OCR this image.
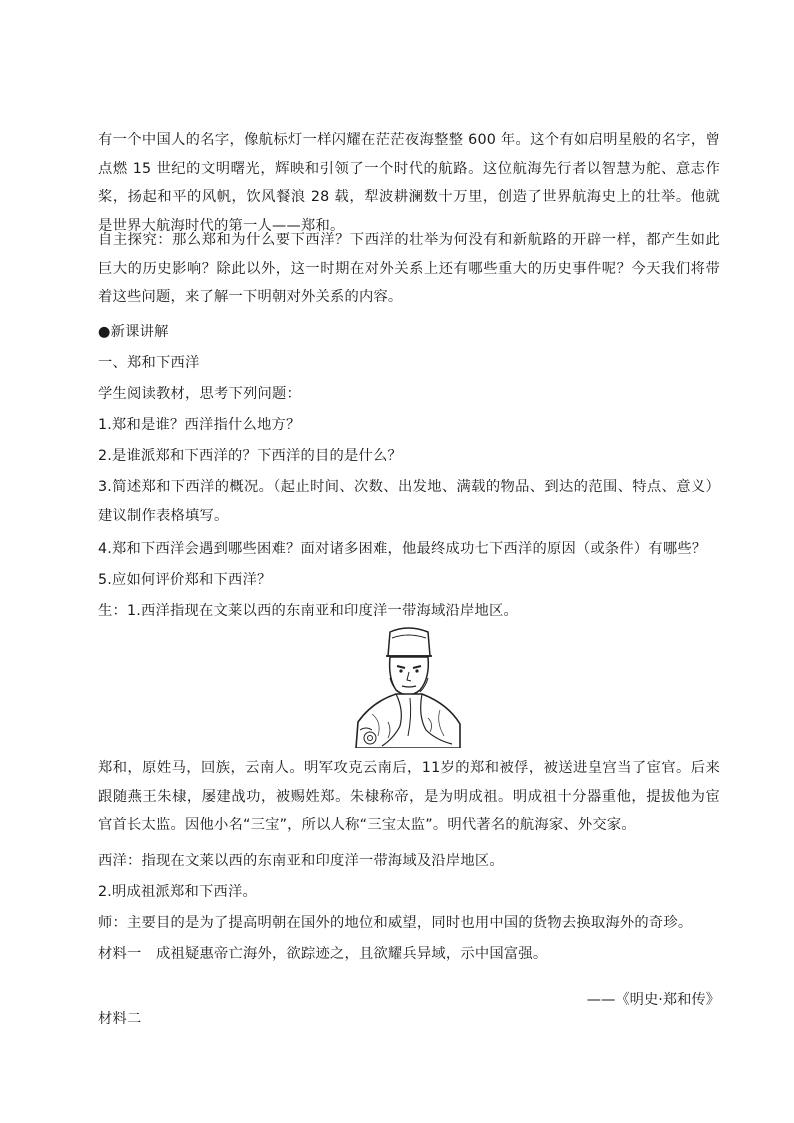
有一个中国人的名字，像航标灯一样闪耀在茫茫夜海整整 600 年。这个有如启明星般的名字，曾点燃 15 世纪的文明曙光，辉映和引领了一个时代的航路。这位航海先行者以智慧为舵、意志作桨，扬起和平的风帆，饮风餐浪 28 载，犁波耕澜数十万里，创造了世界航海史上的壮举。他就是世界大航海时代的第一人——郑和。

自主探究：那么郑和为什么要下西洋？下西洋的壮举为何没有和新航路的开辟一样，都产生如此巨大的历史影响？除此以外，这一时期在对外关系上还有哪些重大的历史事件呢？今天我们将带着这些问题，来了解一下明朝对外关系的内容。

●新课讲解

一、郑和下西洋

学生阅读教材，思考下列问题：

1.郑和是谁？西洋指什么地方？

2.是谁派郑和下西洋的？下西洋的目的是什么？

3.简述郑和下西洋的概况。（起止时间、次数、出发地、满载的物品、到达的范围、特点、意义）建议制作表格填写。

4.郑和下西洋会遇到哪些困难？面对诸多困难，他最终成功七下西洋的原因（或条件）有哪些？

5.应如何评价郑和下西洋？

生：1.西洋指现在文莱以西的东南亚和印度洋一带海域沿岸地区。

郑和，原姓马，回族，云南人。明军攻克云南后，11岁的郑和被俘，被送进皇宫当了宦官。后来跟随燕王朱棣，屡建战功，被赐姓郑。朱棣称帝，是为明成祖。明成祖十分器重他，提拔他为宦官首长太监。因他小名“三宝”，所以人称“三宝太监”。明代著名的航海家、外交家。

西洋：指现在文莱以西的东南亚和印度洋一带海域及沿岸地区。

2.明成祖派郑和下西洋。

师：主要目的是为了提高明朝在国外的地位和威望，同时也用中国的货物去换取海外的奇珍。

材料一　成祖疑惠帝亡海外，欲踪迹之，且欲耀兵异域，示中国富强。

——《明史·郑和传》

材料二
